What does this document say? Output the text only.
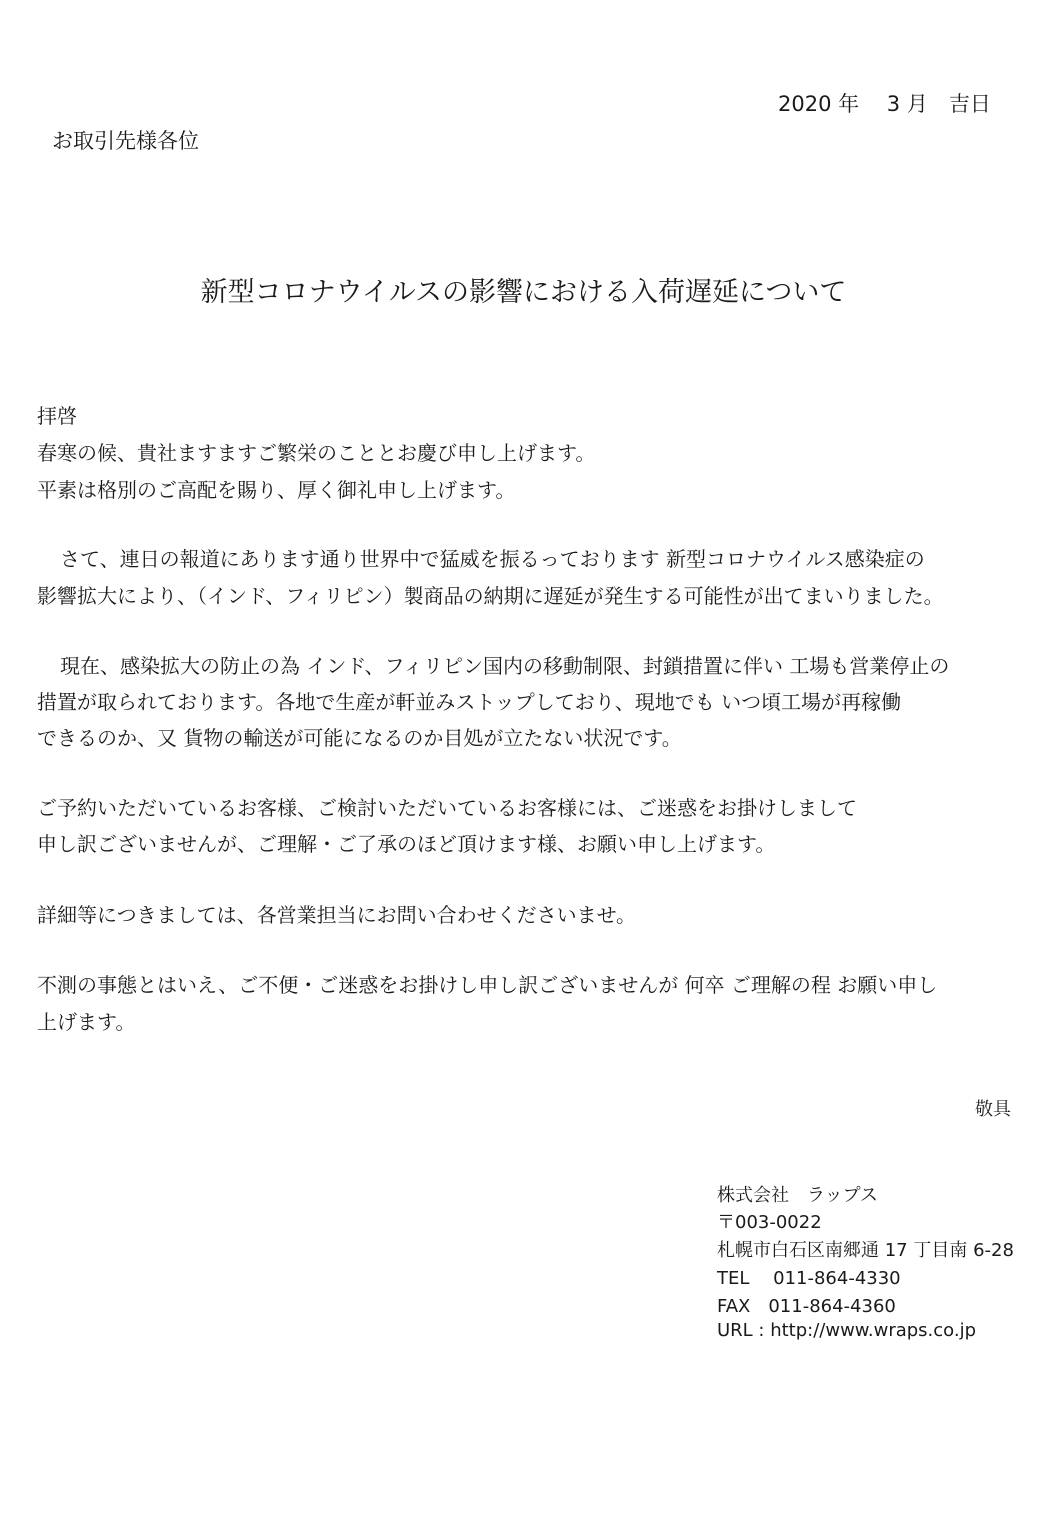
2020 年　 3 月　吉日
お取引先様各位
新型コロナウイルスの影響における入荷遅延について
拝啓
春寒の候、貴社ますますご繁栄のこととお慶び申し上げます。
平素は格別のご高配を賜り、厚く御礼申し上げます。
さて、連日の報道にあります通り世界中で猛威を振るっております 新型コロナウイルス感染症の
影響拡大により、（インド、フィリピン）製商品の納期に遅延が発生する可能性が出てまいりました。
現在、感染拡大の防止の為 インド、フィリピン国内の移動制限、封鎖措置に伴い 工場も営業停止の
措置が取られております。各地で生産が軒並みストップしており、現地でも いつ頃工場が再稼働
できるのか、又 貨物の輸送が可能になるのか目処が立たない状況です。
ご予約いただいているお客様、ご検討いただいているお客様には、ご迷惑をお掛けしまして
申し訳ございませんが、ご理解・ご了承のほど頂けます様、お願い申し上げます。
詳細等につきましては、各営業担当にお問い合わせくださいませ。
不測の事態とはいえ、ご不便・ご迷惑をお掛けし申し訳ございませんが 何卒 ご理解の程 お願い申し
上げます。
敬具
株式会社　ラップス
〒003-0022
札幌市白石区南郷通 17 丁目南 6-28
TEL　 011-864-4330
FAX　011-864-4360
URL : http://www.wraps.co.jp
